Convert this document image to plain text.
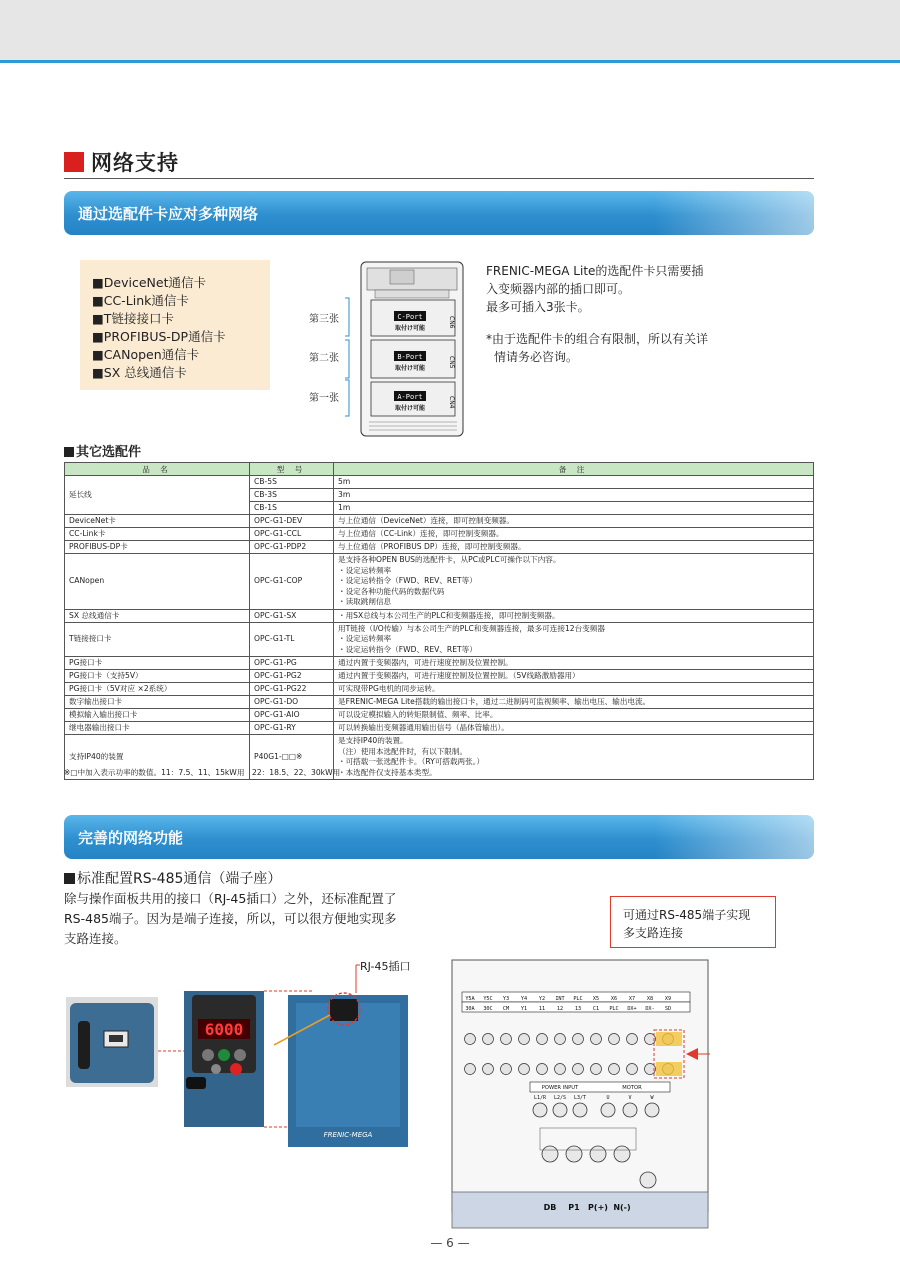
网络支持
通过选配件卡应对多种网络
■DeviceNet通信卡
■CC-Link通信卡
■T链接接口卡
■PROFIBUS-DP通信卡
■CANopen通信卡
■SX 总线通信卡
C-Port
B-Port
A-Port
取付け可能
取付け可能
取付け可能
CN6
CN5
CN4
第三张
第二张
第一张

FRENIC-MEGA Lite的选配件卡只需要插

入变频器内部的插口即可。

最多可插入3张卡。

*由于选配件卡的组合有限制，所以有关详

情请务必咨询。

其它选配件
品 名	型 号	备 注
延长线	CB-5S	5m
	CB-3S	3m
	CB-1S	1m
DeviceNet卡	OPC-G1-DEV	与上位通信（DeviceNet）连接，即可控制变频器。
CC-Link卡	OPC-G1-CCL	与上位通信（CC-Link）连接，即可控制变频器。
PROFIBUS-DP卡	OPC-G1-PDP2	与上位通信（PROFIBUS DP）连接，即可控制变频器。
CANopen	OPC-G1-COP	是支持各种OPEN BUS的选配件卡，从PC或PLC可操作以下内容。
・设定运转频率
・设定运转指令（FWD、REV、RET等）
・设定各种功能代码的数据代码
・读取跳闸信息

SX 总线通信卡	OPC-G1-SX	・用SX总线与本公司生产的PLC和变频器连接，即可控制变频器。
T链接接口卡	OPC-G1-TL	用T链接（I/O传输）与本公司生产的PLC和变频器连接，最多可连接12台变频器
・设定运转频率
・设定运转指令（FWD、REV、RET等）

PG接口卡	OPC-G1-PG	通过内置于变频器内，可进行速度控制及位置控制。
PG接口卡（支持5V）	OPC-G1-PG2	通过内置于变频器内，可进行速度控制及位置控制。（5V线路激励器用）
PG接口卡（5V对应 ×2系统）	OPC-G1-PG22	可实现带PG电机的同步运转。
数字输出接口卡	OPC-G1-DO	是FRENIC-MEGA Lite搭载的输出接口卡，通过二进制码可监视频率、输出电压、输出电流。
模拟输入输出接口卡	OPC-G1-AIO	可以设定模拟输入的转矩限制值、频率、比率。
继电器输出接口卡	OPC-G1-RY	可以转换输出变频器通用输出信号（晶体管输出）。
支持IP40的装置	P40G1-□□※	是支持IP40的装置。
（注）使用本选配件时，有以下限制。
・可搭载一张选配件卡。（RY可搭载两张。）
・本选配件仅支持基本类型。
※□中加入表示功率的数值。11：7.5、11、15kW用　22：18.5、22、30kW用
完善的网络功能
标准配置RS-485通信（端子座）
除与操作面板共用的接口（RJ-45插口）之外，还标准配置了
RS-485端子。因为是端子连接，所以，可以很方便地实现多
支路连接。
可通过RS-485端子实现
多支路连接
RJ-45插口
6000
FRENIC-MEGA
Y5A Y5C Y3 Y4 Y2 INT PLC X5 X6 X7 X8 X9
30A 30C CM Y1 11 12 13 C1 PLC DX+ DX- SD
POWER INPUT	MOTOR
L1/R L2/S L3/T	U	V	W
DB P1 P(+) N(-)
— 6 —
